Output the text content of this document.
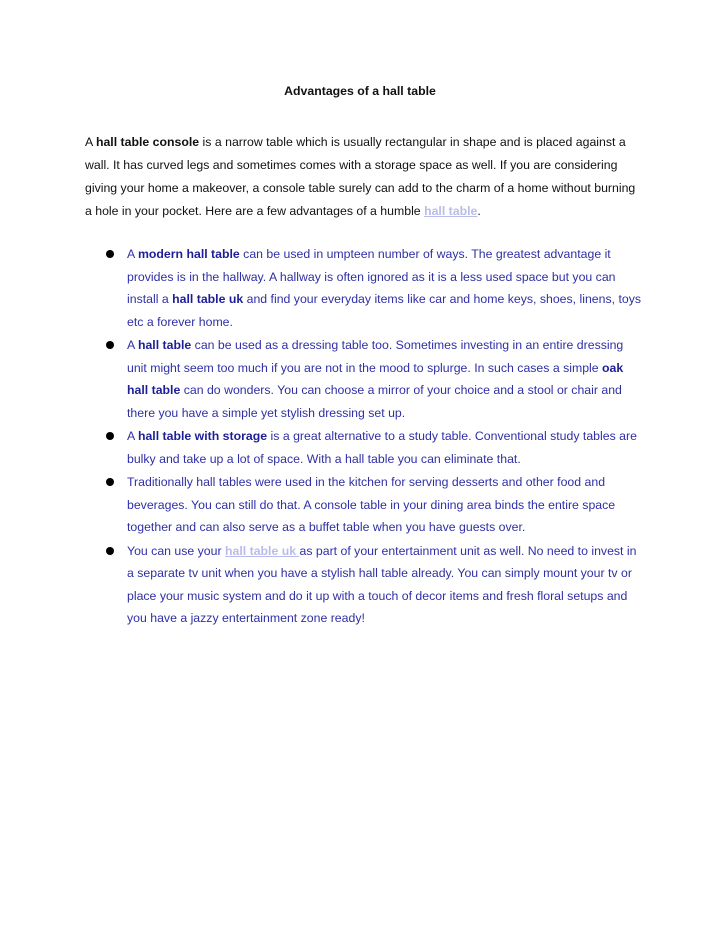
Advantages of a hall table

A hall table console is a narrow table which is usually rectangular in shape and is placed against a wall. It has curved legs and sometimes comes with a storage space as well. If you are considering giving your home a makeover, a console table surely can add to the charm of a home without burning a hole in your pocket. Here are a few advantages of a humble hall table.

A modern hall table can be used in umpteen number of ways. The greatest advantage it provides is in the hallway. A hallway is often ignored as it is a less used space but you can install a hall table uk and find your everyday items like car and home keys, shoes, linens, toys etc a forever home.
A hall table can be used as a dressing table too. Sometimes investing in an entire dressing unit might seem too much if you are not in the mood to splurge. In such cases a simple oak hall table can do wonders. You can choose a mirror of your choice and a stool or chair and there you have a simple yet stylish dressing set up.
A hall table with storage is a great alternative to a study table. Conventional study tables are bulky and take up a lot of space. With a hall table you can eliminate that.
Traditionally hall tables were used in the kitchen for serving desserts and other food and beverages. You can still do that. A console table in your dining area binds the entire space together and can also serve as a buffet table when you have guests over.
You can use your hall table uk as part of your entertainment unit as well. No need to invest in a separate tv unit when you have a stylish hall table already. You can simply mount your tv or place your music system and do it up with a touch of decor items and fresh floral setups and you have a jazzy entertainment zone ready!
